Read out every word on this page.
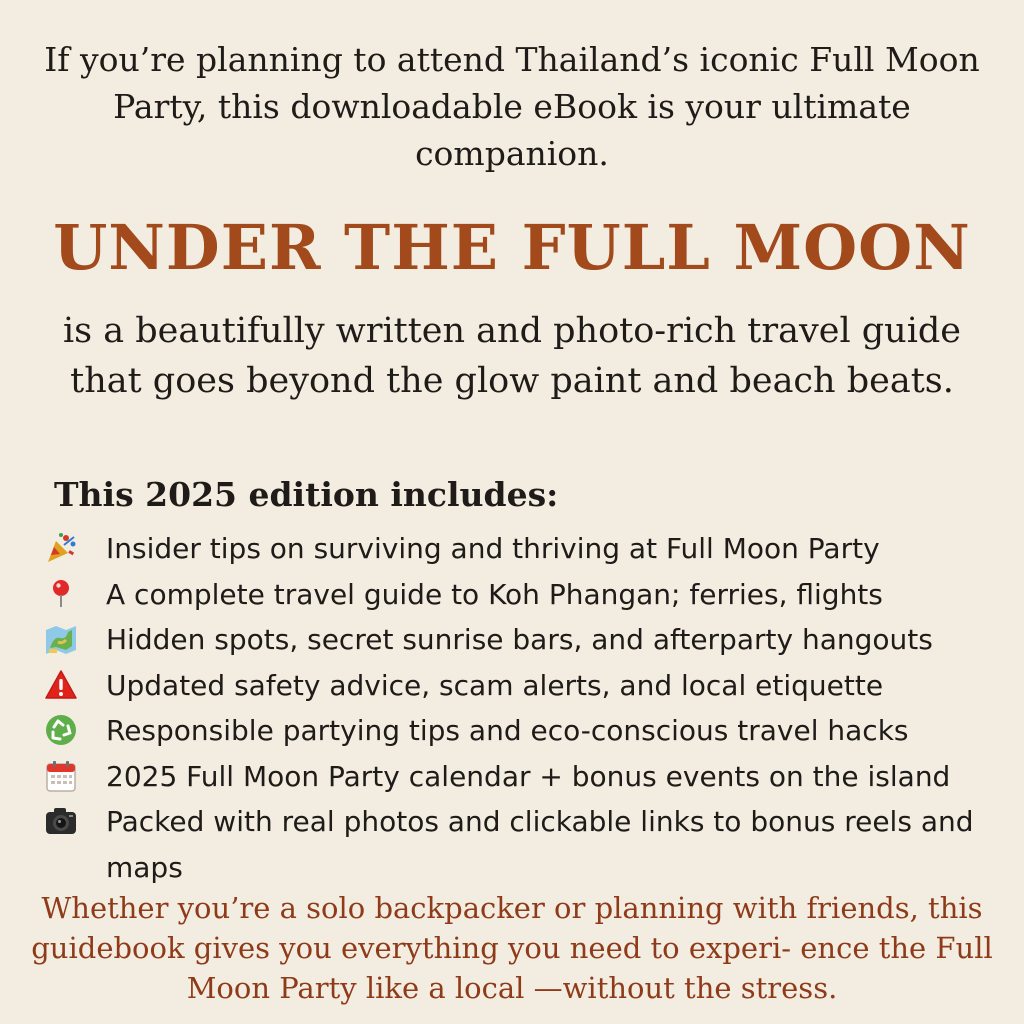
If you’re planning to attend Thailand’s iconic Full Moon Party, this downloadable eBook is your ultimate companion.
UNDER THE FULL MOON
is a beautifully written and photo-rich travel guide that goes beyond the glow paint and beach beats.
This 2025 edition includes:
Insider tips on surviving and thriving at Full Moon Party
A complete travel guide to Koh Phangan; ferries, flights
Hidden spots, secret sunrise bars, and afterparty hangouts
Updated safety advice, scam alerts, and local etiquette
Responsible partying tips and eco-conscious travel hacks
2025 Full Moon Party calendar + bonus events on the island
Packed with real photos and clickable links to bonus reels and maps
Whether you’re a solo backpacker or planning with friends, this guidebook gives you everything you need to experi- ence the Full Moon Party like a local —without the stress.
